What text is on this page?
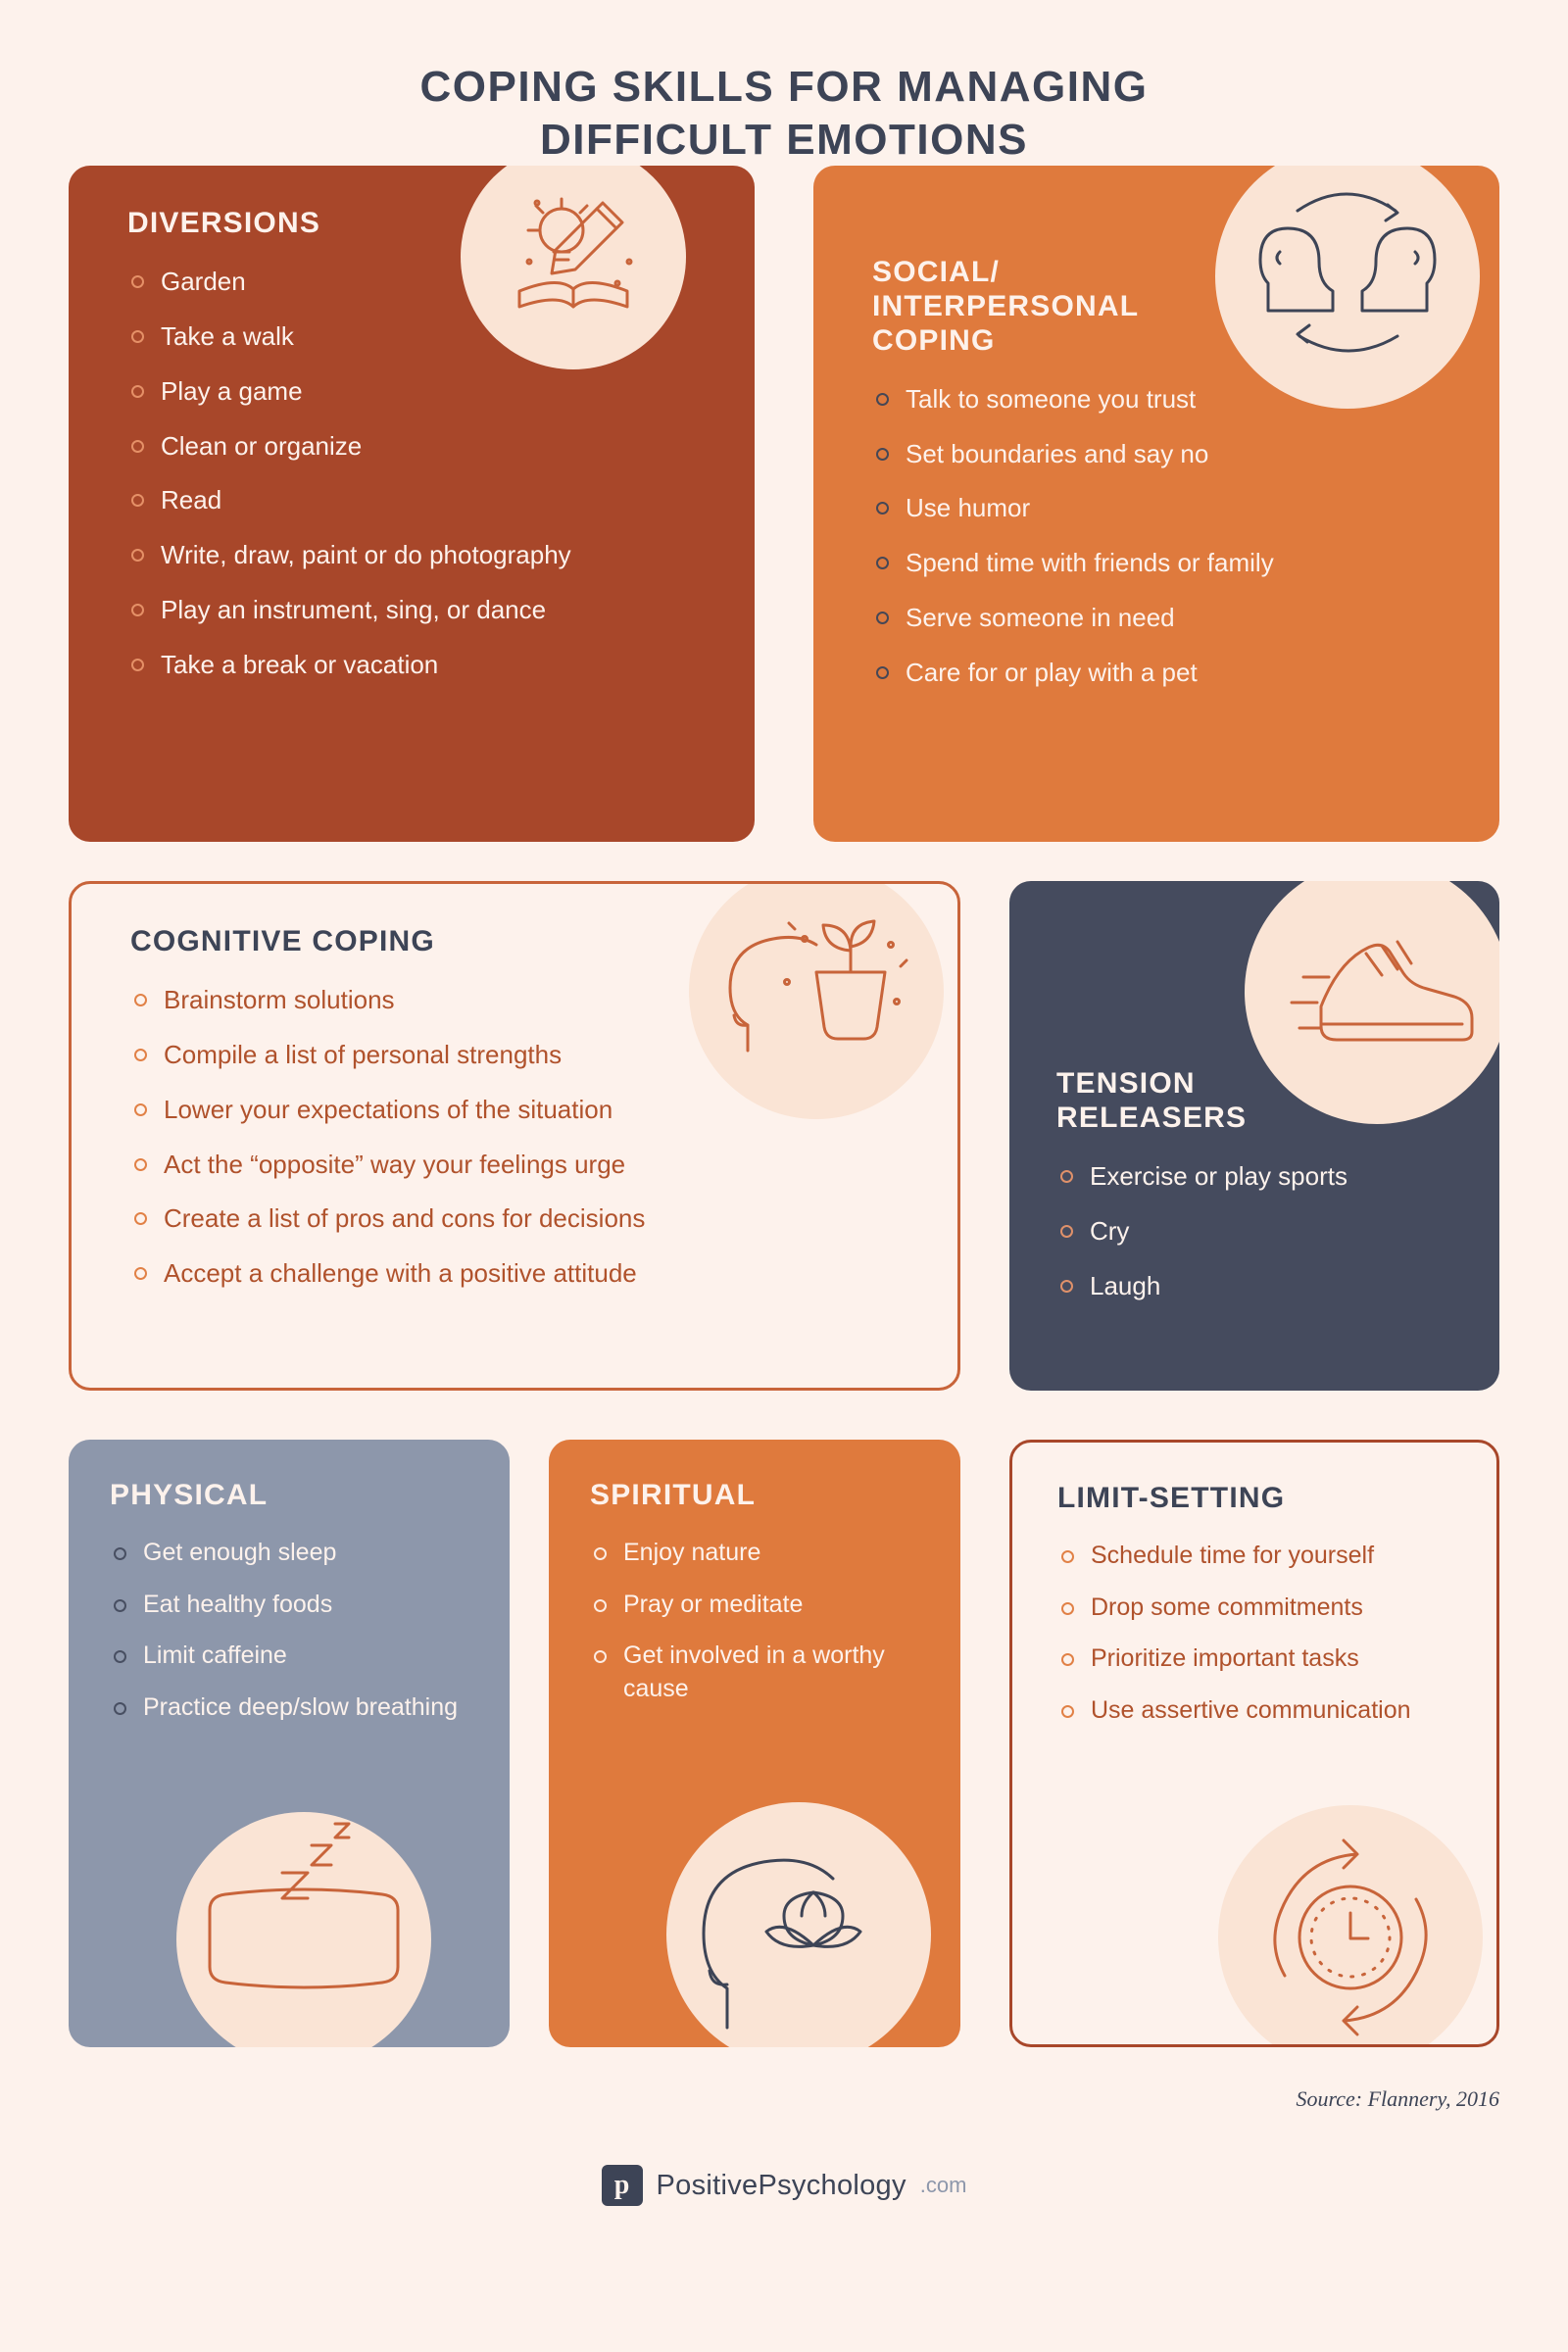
COPING SKILLS FOR MANAGING
DIFFICULT EMOTIONS
DIVERSIONS
Garden
Take a walk
Play a game
Clean or organize
Read
Write, draw, paint or do photography
Play an instrument, sing, or dance
Take a break or vacation
SOCIAL/
INTERPERSONAL
COPING
Talk to someone you trust
Set boundaries and say no
Use humor
Spend time with friends or family
Serve someone in need
Care for or play with a pet
COGNITIVE COPING
Brainstorm solutions
Compile a list of personal strengths
Lower your expectations of the situation
Act the “opposite” way your feelings urge
Create a list of pros and cons for decisions
Accept a challenge with a positive attitude
TENSION
RELEASERS
Exercise or play sports
Cry
Laugh
PHYSICAL
Get enough sleep
Eat healthy foods
Limit caffeine
Practice deep/slow breathing
SPIRITUAL
Enjoy nature
Pray or meditate
Get involved in a worthy cause
LIMIT-SETTING
Schedule time for yourself
Drop some commitments
Prioritize important tasks
Use assertive communication
Source: Flannery, 2016
p PositivePsychology .com
